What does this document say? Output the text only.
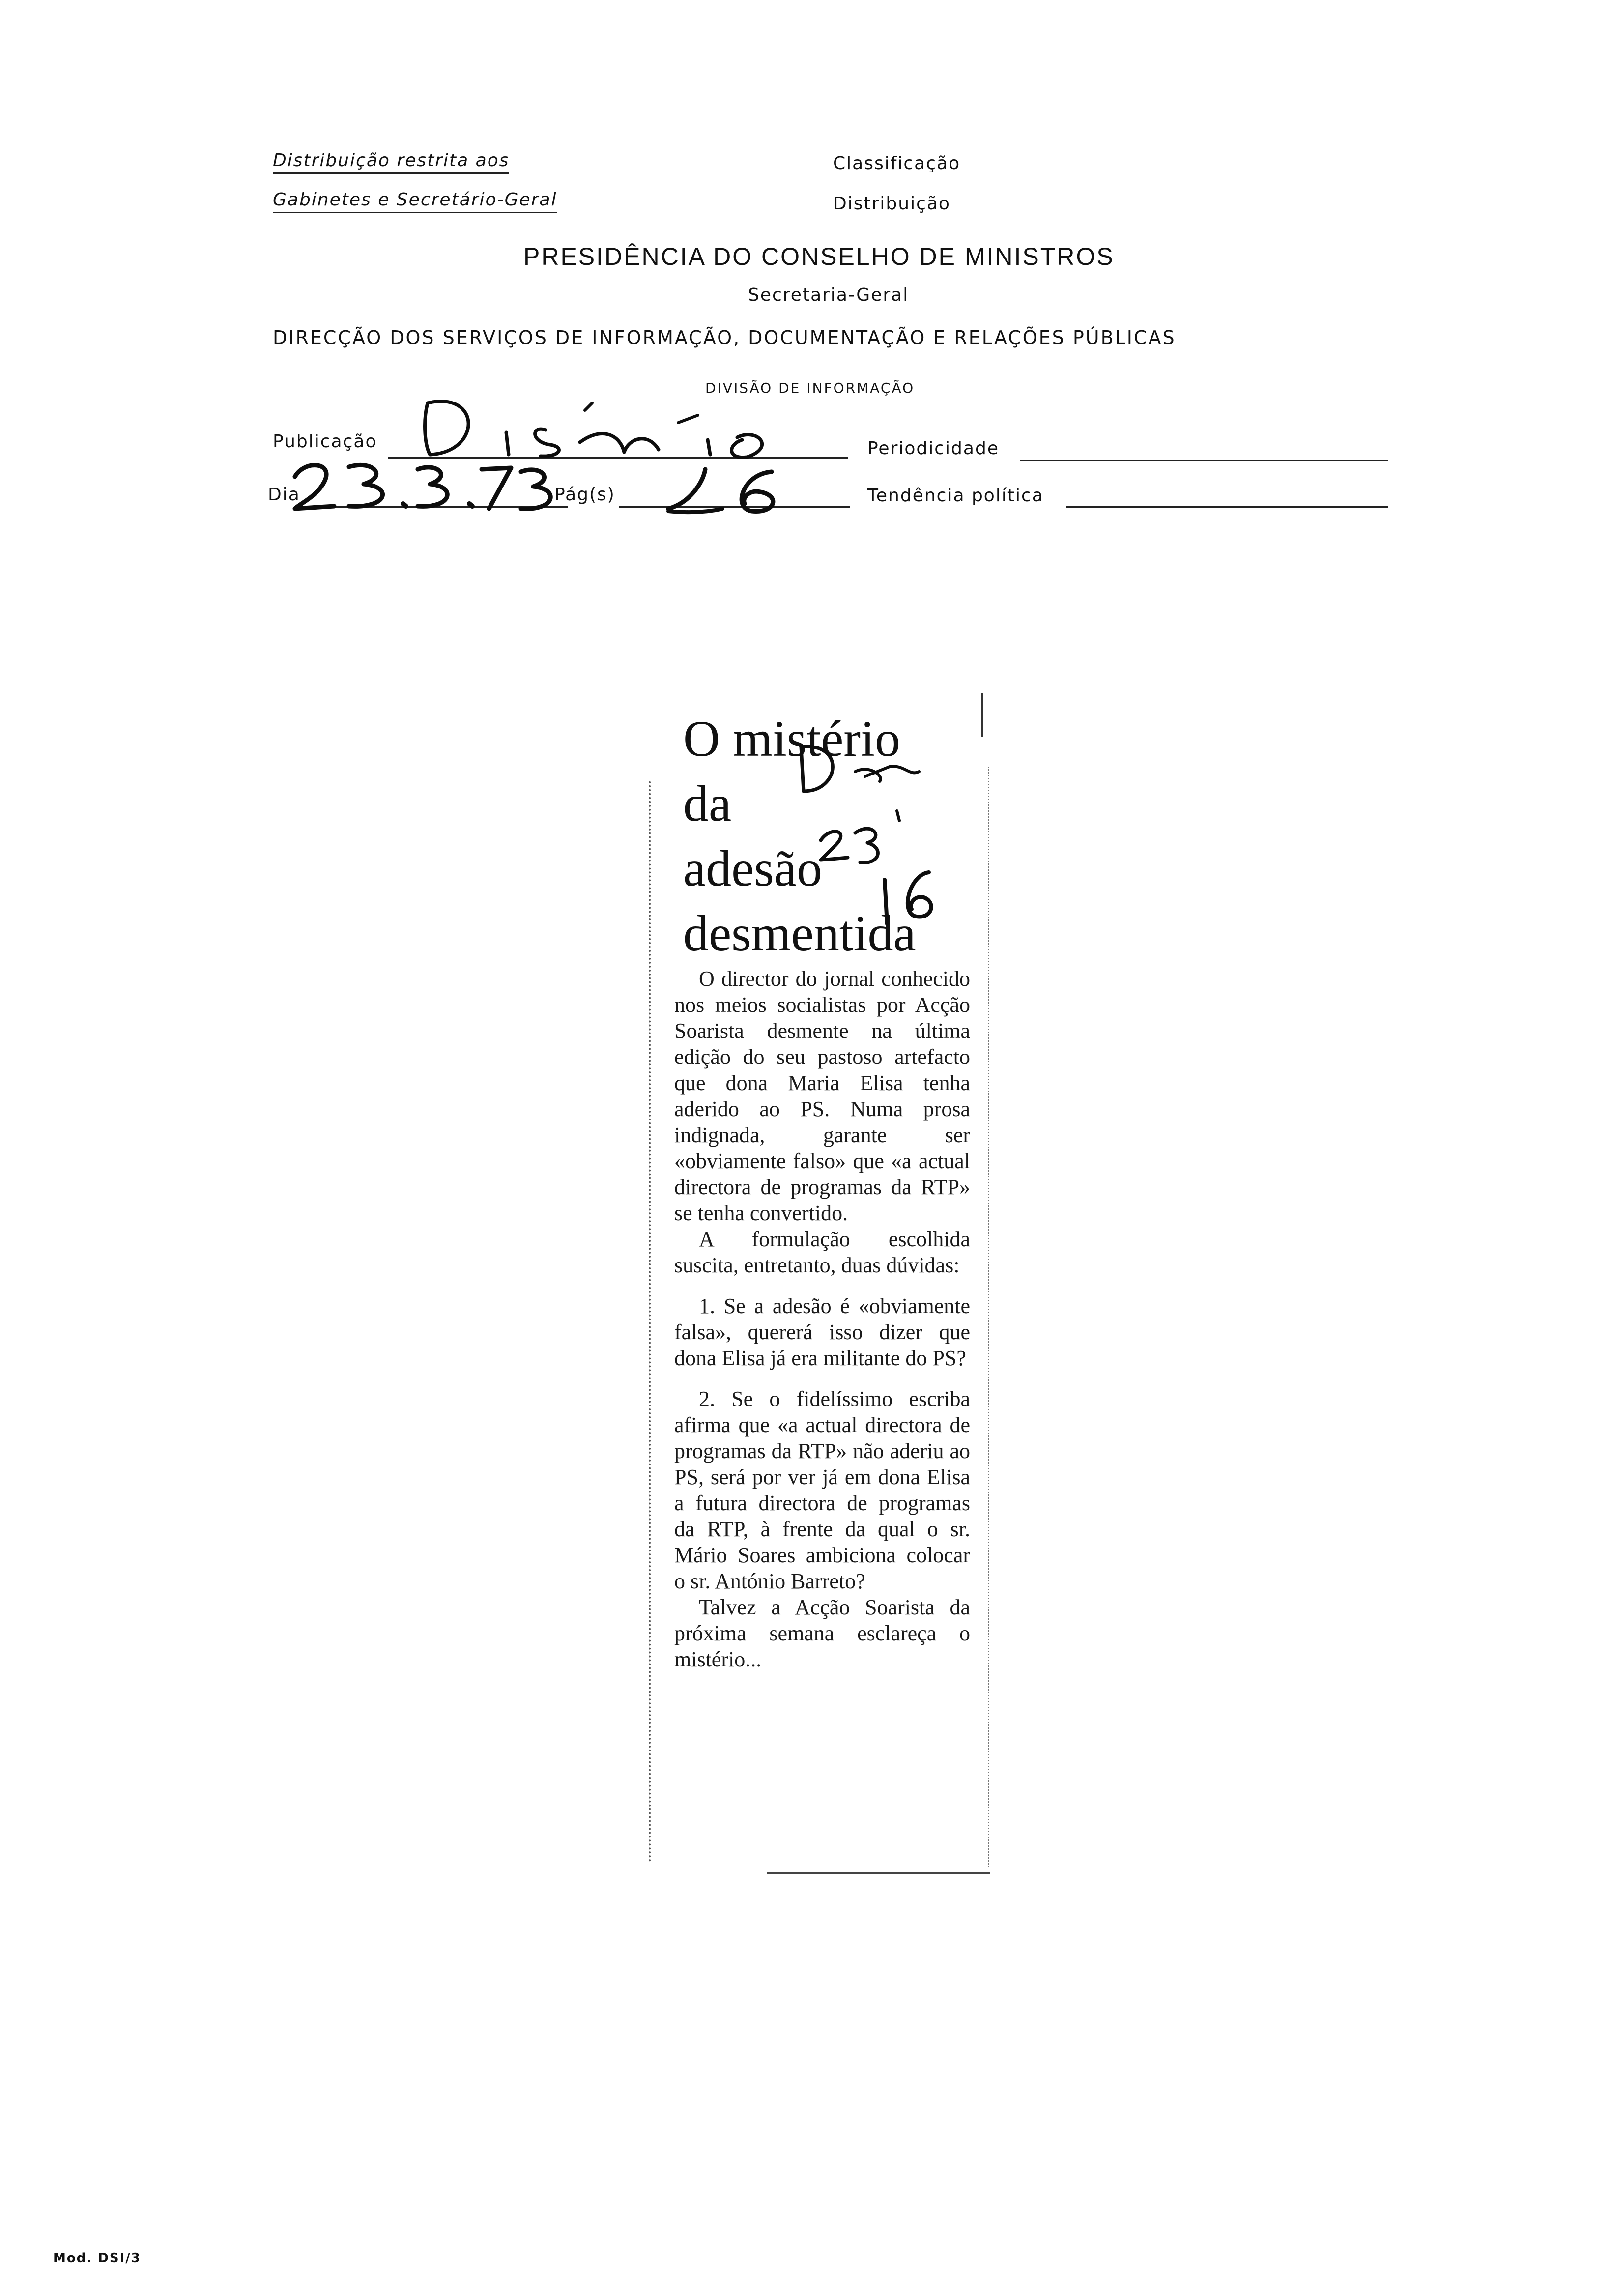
Distribuição restrita aos
Gabinetes e Secretário-Geral
Classificação
Distribuição
PRESIDÊNCIA DO CONSELHO DE MINISTROS
Secretaria-Geral
DIRECÇÃO DOS SERVIÇOS DE INFORMAÇÃO, DOCUMENTAÇÃO E RELAÇÕES PÚBLICAS
DIVISÃO DE INFORMAÇÃO
Publicação	Periodicidade
Dia	Pág(s)	Tendência política
O mistério
da
adesão
desmentida

O director do jornal conhecido nos meios socialistas por Acção Soarista desmente na última edição do seu pastoso artefacto que dona Maria Elisa tenha aderido ao PS. Numa prosa indignada, garante ser «obviamente falso» que «a actual directora de programas da RTP» se tenha convertido.

A formulação escolhida suscita, entretanto, duas dúvidas:

1. Se a adesão é «obviamente falsa», quererá isso dizer que dona Elisa já era militante do PS?

2. Se o fidelíssimo escriba afirma que «a actual directora de programas da RTP» não aderiu ao PS, será por ver já em dona Elisa a futura directora de programas da RTP, à frente da qual o sr. Mário Soares ambiciona colocar o sr. António Barreto?

Talvez a Acção Soarista da próxima semana esclareça o mistério...

Mod. DSI/3
